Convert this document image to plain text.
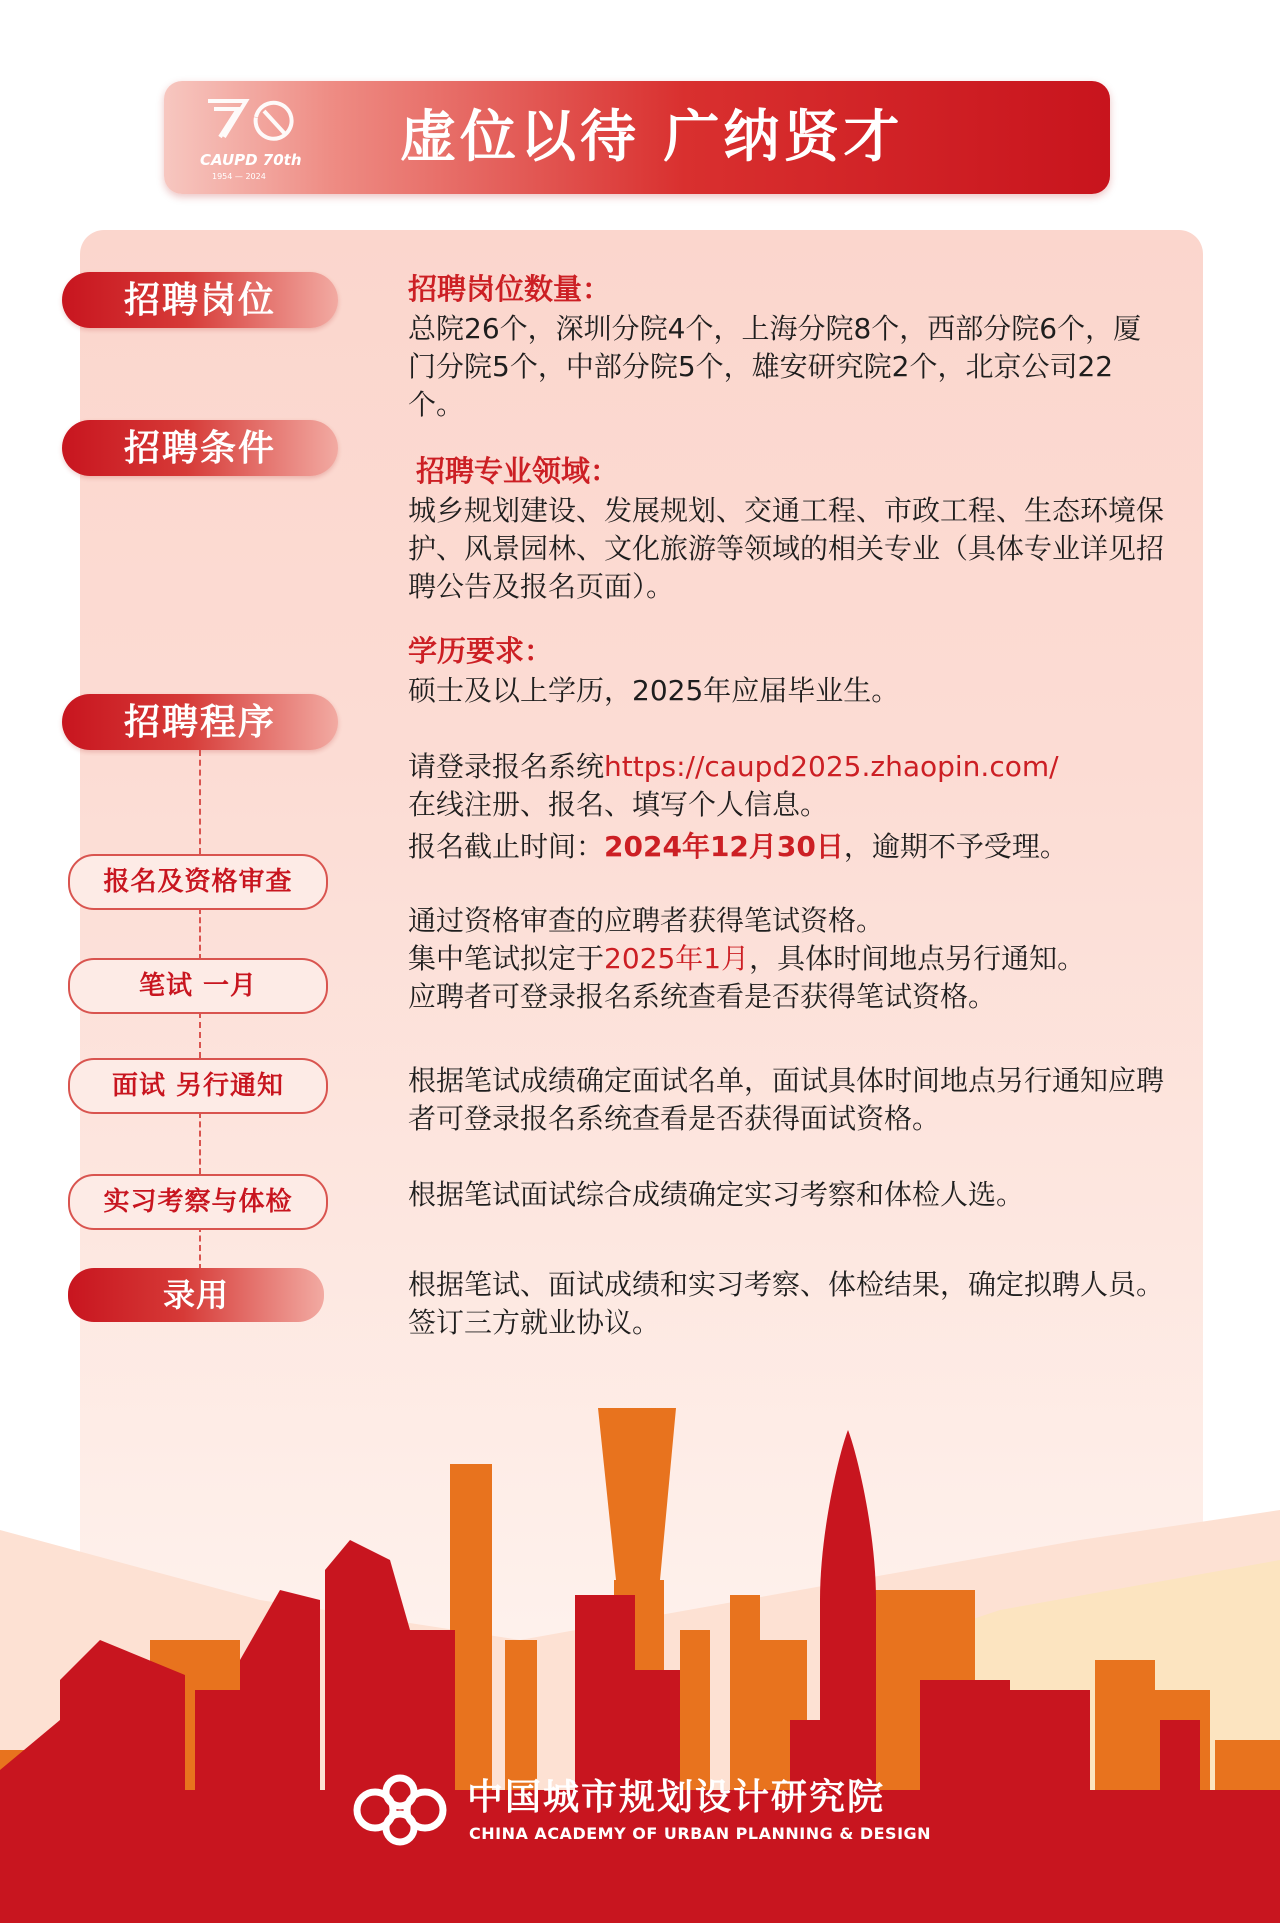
CAUPD 70th
1954 — 2024
虚位以待 广纳贤才
招聘岗位
招聘条件
招聘程序
报名及资格审查
笔试 一月
面试 另行通知
实习考察与体检
录用
招聘岗位数量：
总院26个，深圳分院4个，上海分院8个，西部分院6个，厦门分院5个，中部分院5个，雄安研究院2个，北京公司22个。
招聘专业领域：
城乡规划建设、发展规划、交通工程、市政工程、生态环境保护、风景园林、文化旅游等领域的相关专业（具体专业详见招聘公告及报名页面）。
学历要求：
硕士及以上学历，2025年应届毕业生。
请登录报名系统https://caupd2025.zhaopin.com/
在线注册、报名、填写个人信息。
报名截止时间：2024年12月30日，逾期不予受理。
通过资格审查的应聘者获得笔试资格。
集中笔试拟定于2025年1月，具体时间地点另行通知。
应聘者可登录报名系统查看是否获得笔试资格。
根据笔试成绩确定面试名单，面试具体时间地点另行通知应聘者可登录报名系统查看是否获得面试资格。
根据笔试面试综合成绩确定实习考察和体检人选。
根据笔试、面试成绩和实习考察、体检结果，确定拟聘人员。签订三方就业协议。
中国城市规划设计研究院
CHINA ACADEMY OF URBAN PLANNING & DESIGN
